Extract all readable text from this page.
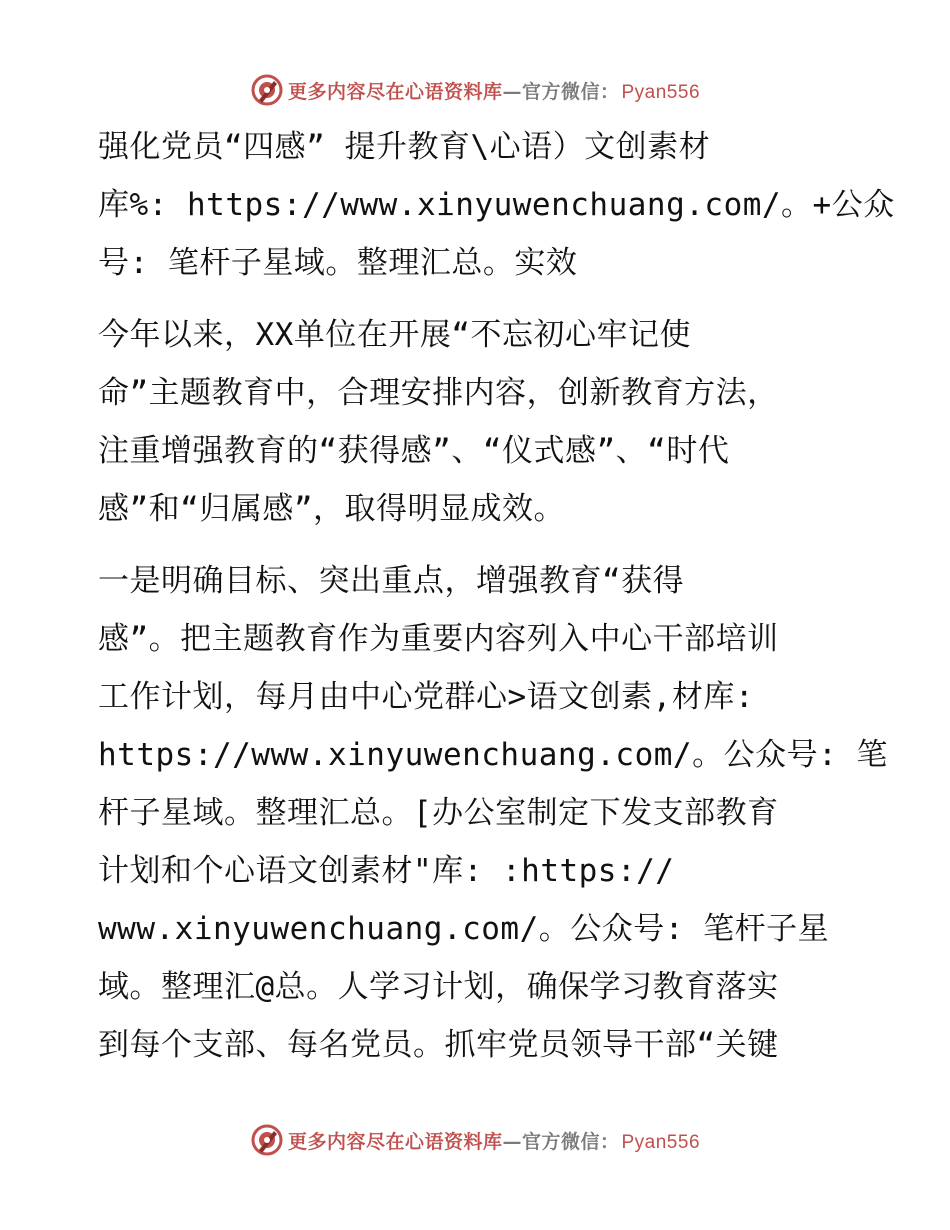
更多内容尽在心语资料库—官方微信： Pyan556
强化党员“四感” 提升教育\心语）文创素材
库%: https://www.xinyuwenchuang.com/。+公众
号: 笔杆子星域。整理汇总。实效
今年以来，XX单位在开展“不忘初心牢记使
命”主题教育中，合理安排内容，创新教育方法，
注重增强教育的“获得感”、“仪式感”、“时代
感”和“归属感”，取得明显成效。
一是明确目标、突出重点，增强教育“获得
感”。把主题教育作为重要内容列入中心干部培训
工作计划，每月由中心党群心>语文创素,材库:
https://www.xinyuwenchuang.com/。公众号: 笔
杆子星域。整理汇总。[办公室制定下发支部教育
计划和个心语文创素材"库: :https://
www.xinyuwenchuang.com/。公众号: 笔杆子星
域。整理汇@总。人学习计划，确保学习教育落实
到每个支部、每名党员。抓牢党员领导干部“关键
更多内容尽在心语资料库—官方微信： Pyan556
